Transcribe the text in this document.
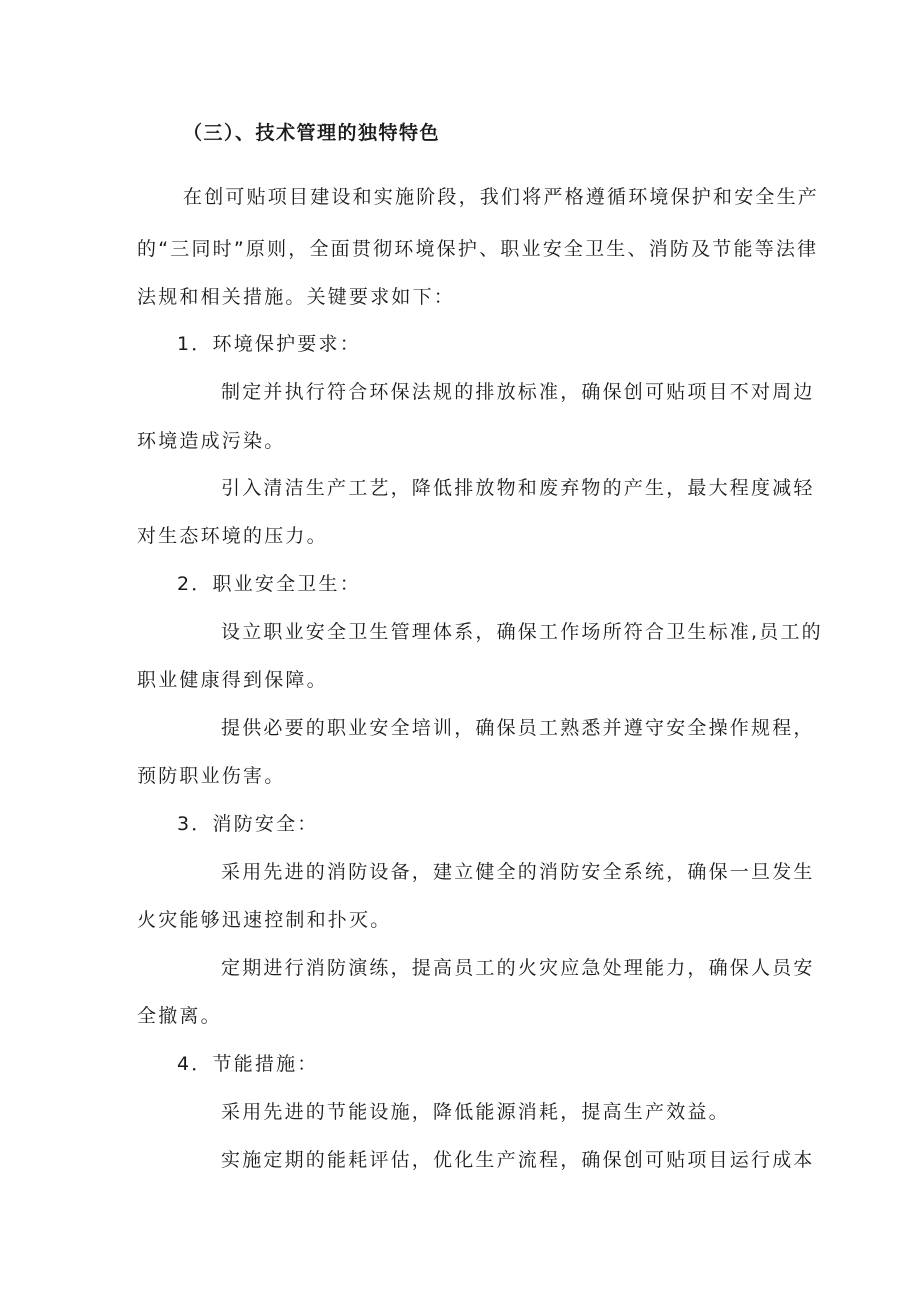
（三）、技术管理的独特特色
在创可贴项目建设和实施阶段，我们将严格遵循环境保护和安全生产
的“三同时”原则，全面贯彻环境保护、职业安全卫生、消防及节能等法律
法规和相关措施。关键要求如下：
1．环境保护要求：
制定并执行符合环保法规的排放标准，确保创可贴项目不对周边
环境造成污染。
引入清洁生产工艺，降低排放物和废弃物的产生，最大程度减轻
对生态环境的压力。
2．职业安全卫生：
设立职业安全卫生管理体系，确保工作场所符合卫生标准,员工的
职业健康得到保障。
提供必要的职业安全培训，确保员工熟悉并遵守安全操作规程，
预防职业伤害。
3．消防安全：
采用先进的消防设备，建立健全的消防安全系统，确保一旦发生
火灾能够迅速控制和扑灭。
定期进行消防演练，提高员工的火灾应急处理能力，确保人员安
全撤离。
4．节能措施：
采用先进的节能设施，降低能源消耗，提高生产效益。
实施定期的能耗评估，优化生产流程，确保创可贴项目运行成本
